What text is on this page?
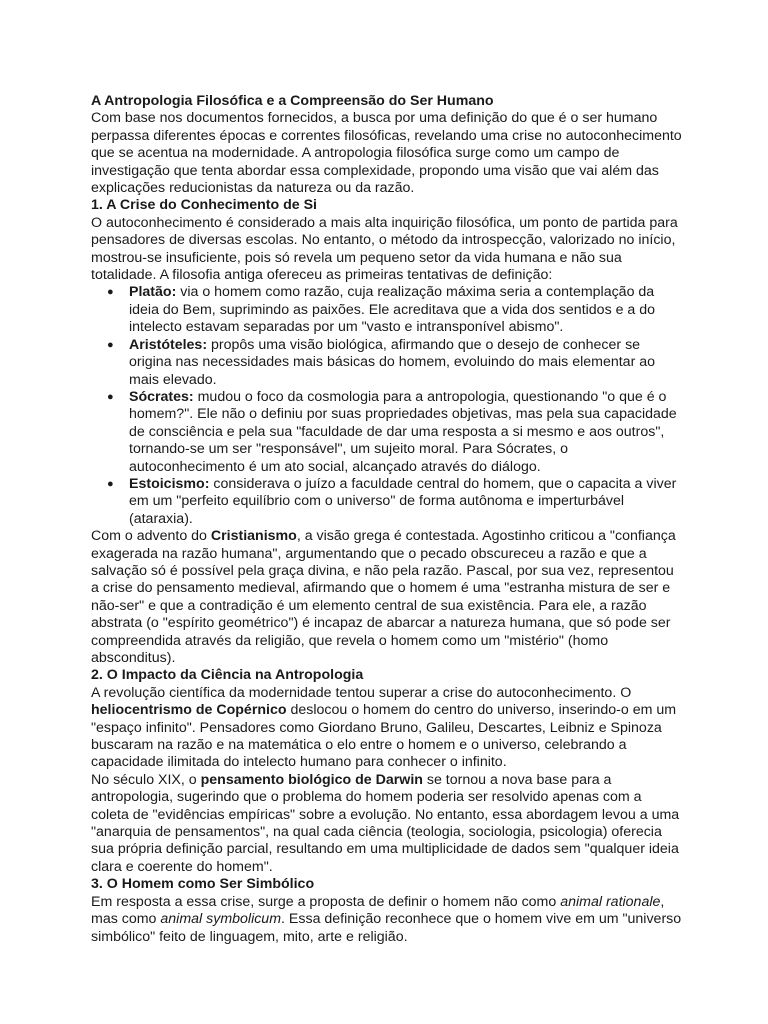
A Antropologia Filosófica e a Compreensão do Ser Humano

Com base nos documentos fornecidos, a busca por uma definição do que é o ser humano perpassa diferentes épocas e correntes filosóficas, revelando uma crise no autoconhecimento que se acentua na modernidade. A antropologia filosófica surge como um campo de investigação que tenta abordar essa complexidade, propondo uma visão que vai além das explicações reducionistas da natureza ou da razão.

1. A Crise do Conhecimento de Si

O autoconhecimento é considerado a mais alta inquirição filosófica, um ponto de partida para pensadores de diversas escolas. No entanto, o método da introspecção, valorizado no início, mostrou-se insuficiente, pois só revela um pequeno setor da vida humana e não sua totalidade. A filosofia antiga ofereceu as primeiras tentativas de definição:

● Platão: via o homem como razão, cuja realização máxima seria a contemplação da ideia do Bem, suprimindo as paixões. Ele acreditava que a vida dos sentidos e a do intelecto estavam separadas por um "vasto e intransponível abismo".
● Aristóteles: propôs uma visão biológica, afirmando que o desejo de conhecer se origina nas necessidades mais básicas do homem, evoluindo do mais elementar ao mais elevado.
● Sócrates: mudou o foco da cosmologia para a antropologia, questionando "o que é o homem?". Ele não o definiu por suas propriedades objetivas, mas pela sua capacidade de consciência e pela sua "faculdade de dar uma resposta a si mesmo e aos outros", tornando-se um ser "responsável", um sujeito moral. Para Sócrates, o autoconhecimento é um ato social, alcançado através do diálogo.
● Estoicismo: considerava o juízo a faculdade central do homem, que o capacita a viver em um "perfeito equilíbrio com o universo" de forma autônoma e imperturbável (ataraxia).

Com o advento do Cristianismo, a visão grega é contestada. Agostinho criticou a "confiança exagerada na razão humana", argumentando que o pecado obscureceu a razão e que a salvação só é possível pela graça divina, e não pela razão. Pascal, por sua vez, representou a crise do pensamento medieval, afirmando que o homem é uma "estranha mistura de ser e não-ser" e que a contradição é um elemento central de sua existência. Para ele, a razão abstrata (o "espírito geométrico") é incapaz de abarcar a natureza humana, que só pode ser compreendida através da religião, que revela o homem como um "mistério" (homo absconditus).

2. O Impacto da Ciência na Antropologia

A revolução científica da modernidade tentou superar a crise do autoconhecimento. O heliocentrismo de Copérnico deslocou o homem do centro do universo, inserindo-o em um "espaço infinito". Pensadores como Giordano Bruno, Galileu, Descartes, Leibniz e Spinoza buscaram na razão e na matemática o elo entre o homem e o universo, celebrando a capacidade ilimitada do intelecto humano para conhecer o infinito.

No século XIX, o pensamento biológico de Darwin se tornou a nova base para a antropologia, sugerindo que o problema do homem poderia ser resolvido apenas com a coleta de "evidências empíricas" sobre a evolução. No entanto, essa abordagem levou a uma "anarquia de pensamentos", na qual cada ciência (teologia, sociologia, psicologia) oferecia sua própria definição parcial, resultando em uma multiplicidade de dados sem "qualquer ideia clara e coerente do homem".

3. O Homem como Ser Simbólico

Em resposta a essa crise, surge a proposta de definir o homem não como animal rationale, mas como animal symbolicum. Essa definição reconhece que o homem vive em um "universo simbólico" feito de linguagem, mito, arte e religião.
